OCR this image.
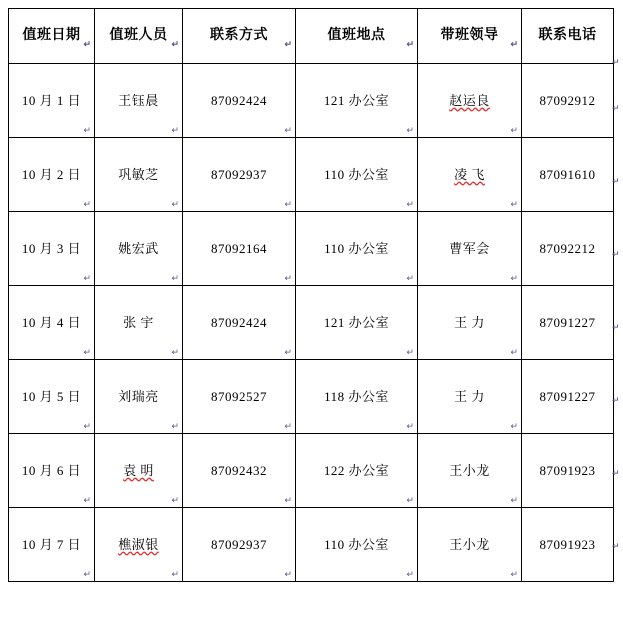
值班日期
↵	值班人员
↵	联系方式
↵	值班地点
↵	带班领导
↵	联系电话

10 月 1 日
↵	王钰晨
↵	87092424
↵	121 办公室
↵	赵运良
↵	87092912

10 月 2 日
↵	巩敏芝
↵	87092937
↵	110 办公室
↵	凌 飞
↵	87091610

10 月 3 日
↵	姚宏武
↵	87092164
↵	110 办公室
↵	曹军会
↵	87092212

10 月 4 日
↵	张 宇
↵	87092424
↵	121 办公室
↵	王 力
↵	87091227

10 月 5 日
↵	刘瑞亮
↵	87092527
↵	118 办公室
↵	王 力
↵	87091227

10 月 6 日
↵	袁 明
↵	87092432
↵	122 办公室
↵	王小龙
↵	87091923

10 月 7 日
↵	樵淑银
↵	87092937
↵	110 办公室
↵	王小龙
↵	87091923
↵
↵
↵
↵
↵
↵
↵
↵
